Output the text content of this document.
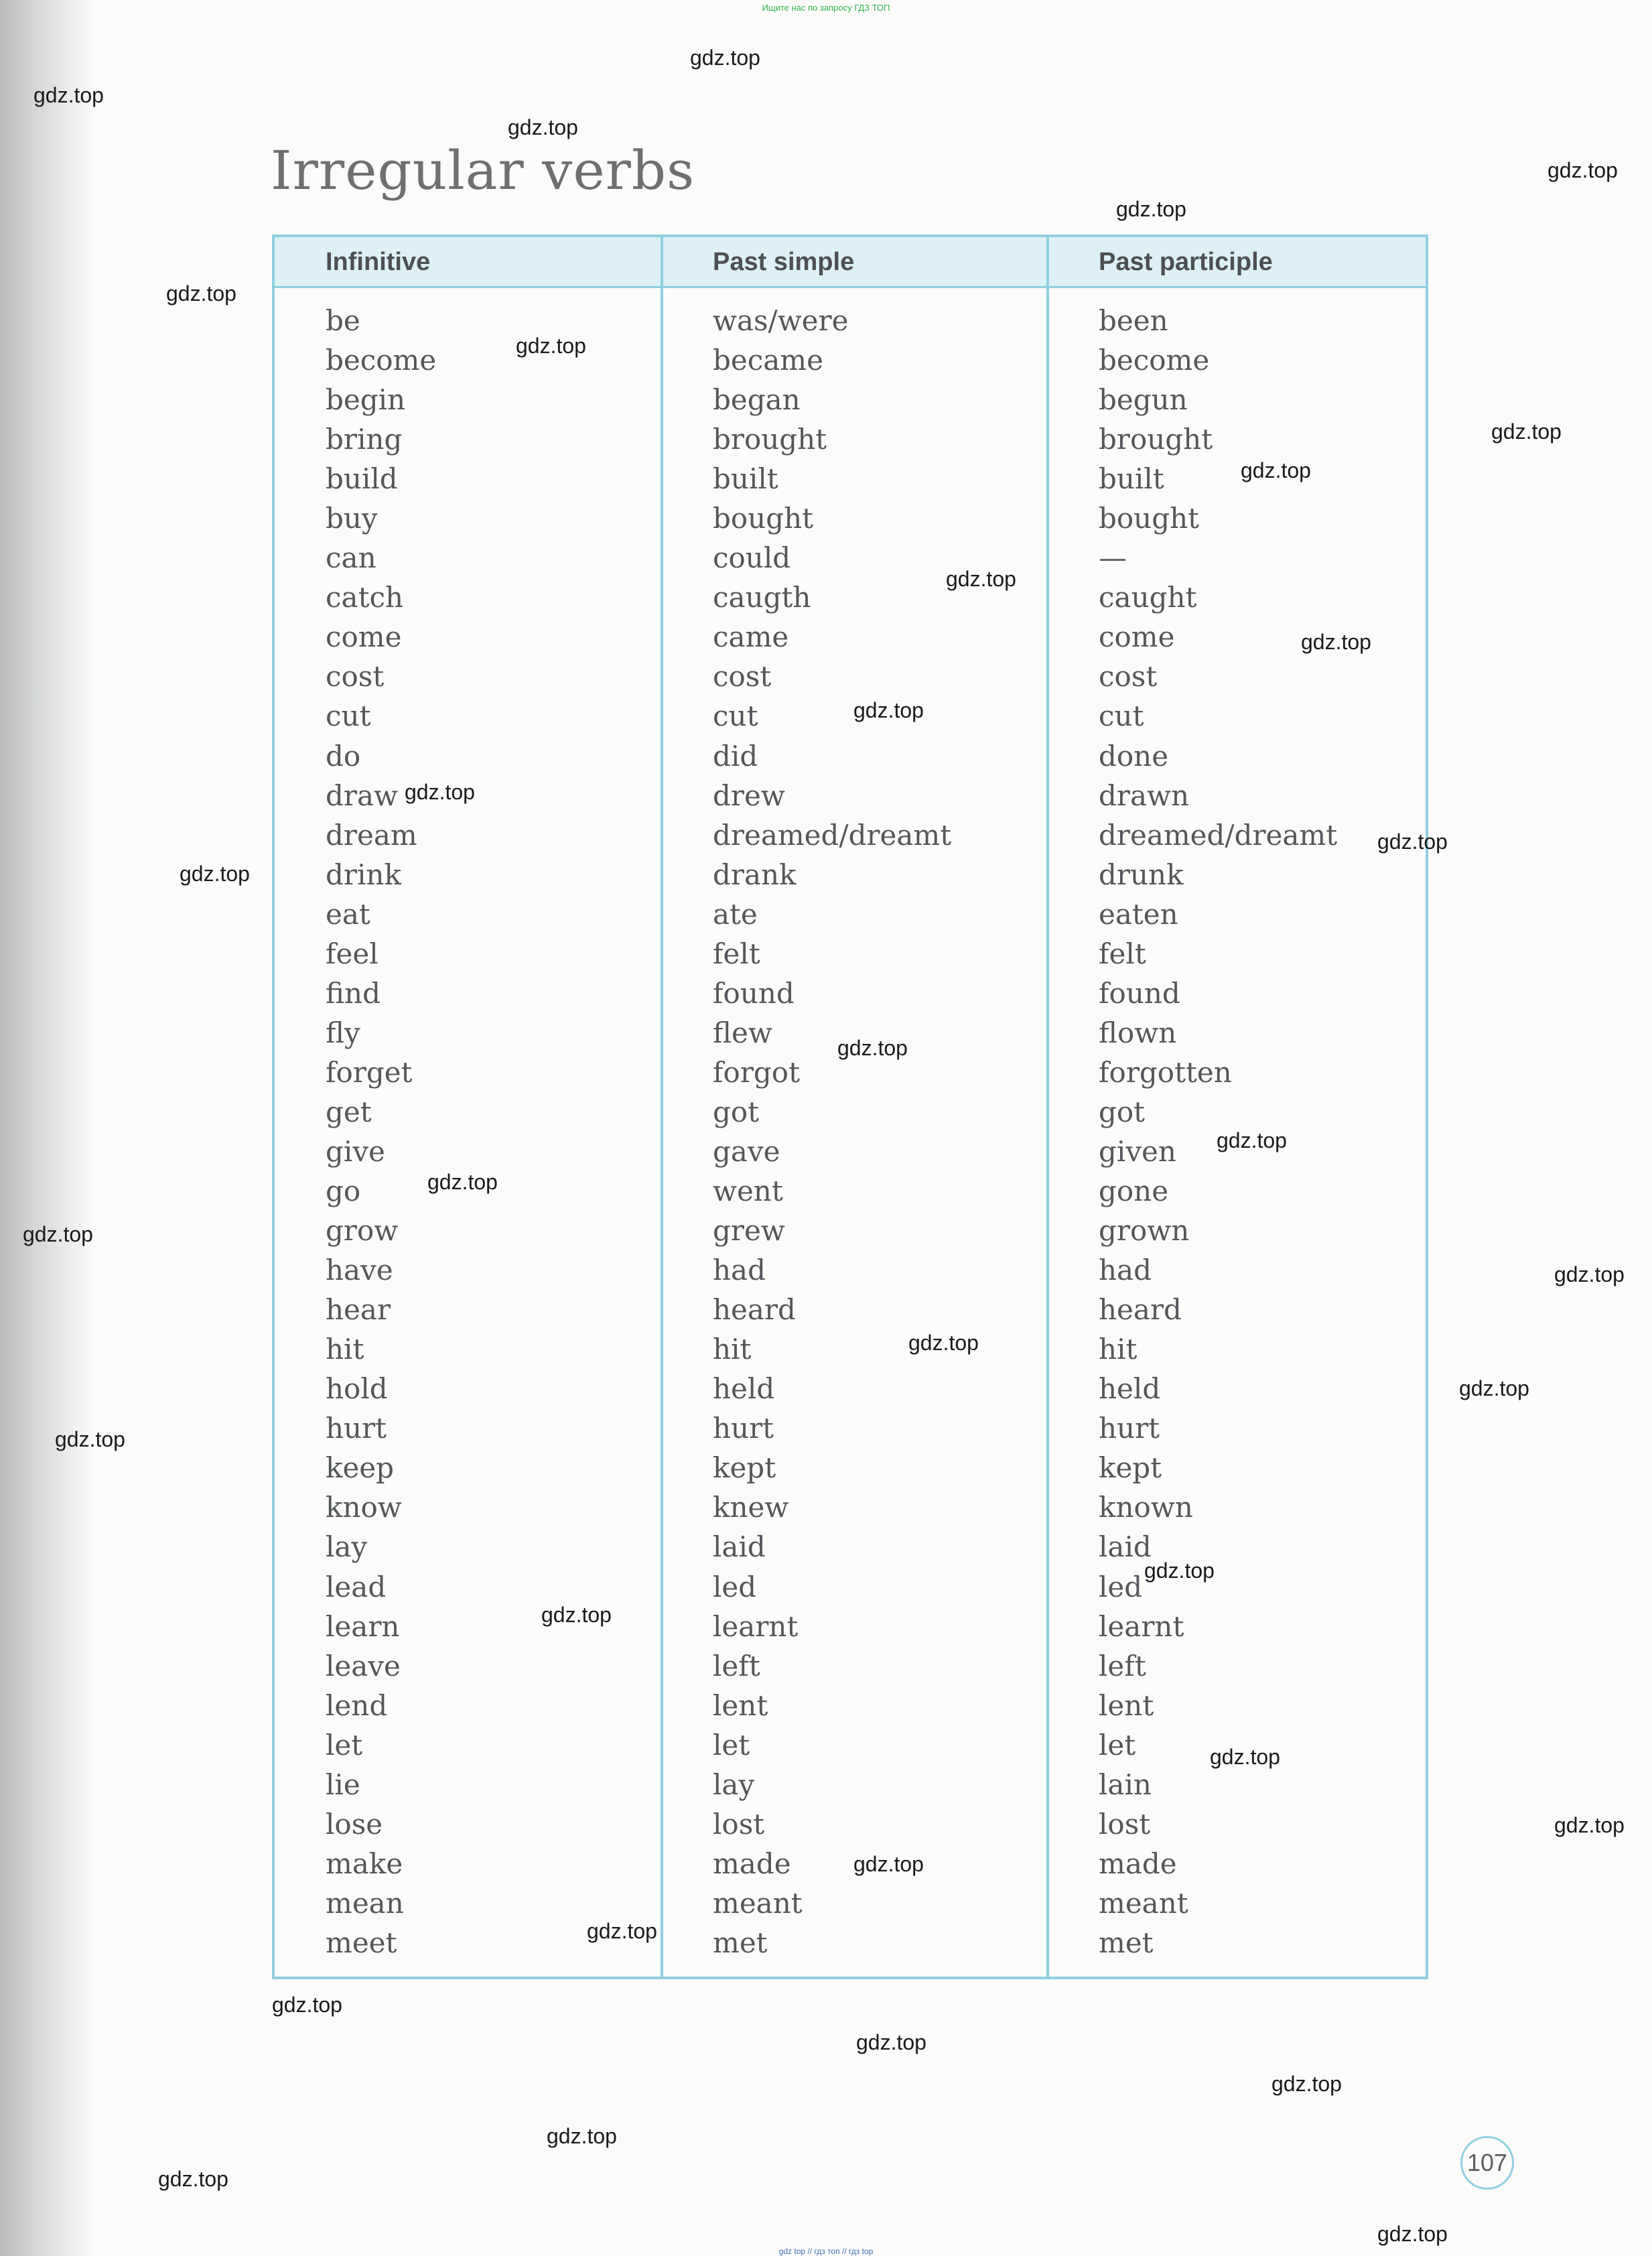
Ищите нас по запросу ГДЗ ТОП
Irregular verbs
Infinitive	Past simple	Past participle
be
become
begin
bring
build
buy
can
catch
come
cost
cut
do
draw
dream
drink
eat
feel
find
fly
forget
get
give
go
grow
have
hear
hit
hold
hurt
keep
know
lay
lead
learn
leave
lend
let
lie
lose
make
mean
meet
was/were
became
began
brought
built
bought
could
caugth
came
cost
cut
did
drew
dreamed/dreamt
drank
ate
felt
found
flew
forgot
got
gave
went
grew
had
heard
hit
held
hurt
kept
knew
laid
led
learnt
left
lent
let
lay
lost
made
meant
met
been
become
begun
brought
built
bought
—
caught
come
cost
cut
done
drawn
dreamed/dreamt
drunk
eaten
felt
found
flown
forgotten
got
given
gone
grown
had
heard
hit
held
hurt
kept
known
laid
led
learnt
left
lent
let
lain
lost
made
meant
met
gdz.top
gdz.top
gdz.top
gdz.top
gdz.top
gdz.top
gdz.top
gdz.top
gdz.top
gdz.top
gdz.top
gdz.top
gdz.top
gdz.top
gdz.top
gdz.top
gdz.top
gdz.top
gdz.top
gdz.top
gdz.top
gdz.top
gdz.top
gdz.top
gdz.top
gdz.top
gdz.top
gdz.top
gdz.top
gdz.top
gdz.top
gdz.top
gdz.top
gdz.top
gdz.top
107
gdz top // гдз топ // гдз top
